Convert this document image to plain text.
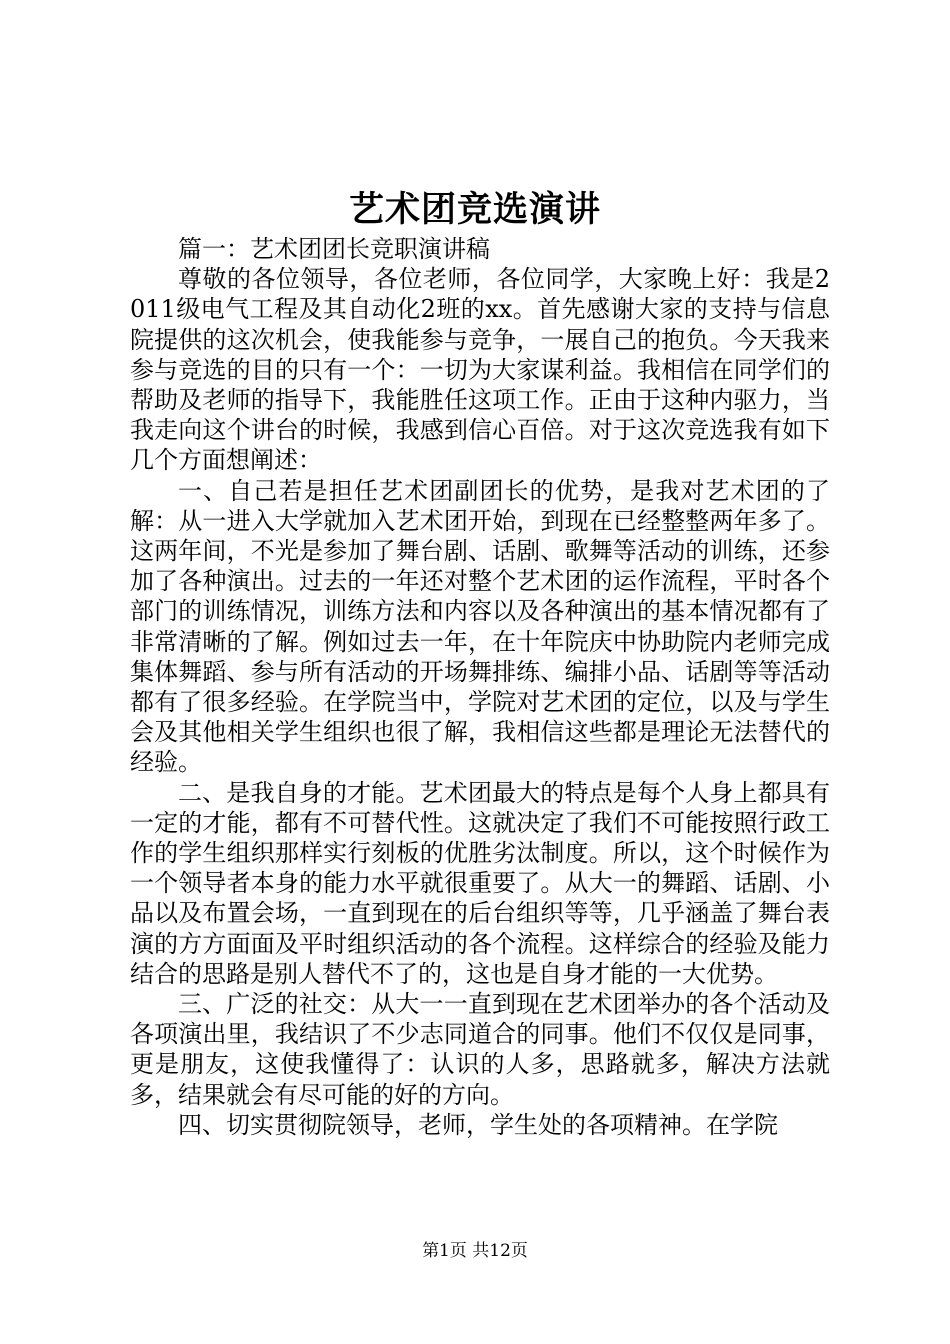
艺术团竞选演讲

篇一：艺术团团长竞职演讲稿

尊敬的各位领导，各位老师，各位同学，大家晚上好：我是2011级电气工程及其自动化2班的xx。首先感谢大家的支持与信息院提供的这次机会，使我能参与竞争，一展自己的抱负。今天我来参与竞选的目的只有一个：一切为大家谋利益。我相信在同学们的帮助及老师的指导下，我能胜任这项工作。正由于这种内驱力，当我走向这个讲台的时候，我感到信心百倍。对于这次竞选我有如下几个方面想阐述：

一、自己若是担任艺术团副团长的优势，是我对艺术团的了解：从一进入大学就加入艺术团开始，到现在已经整整两年多了。这两年间，不光是参加了舞台剧、话剧、歌舞等活动的训练，还参加了各种演出。过去的一年还对整个艺术团的运作流程，平时各个部门的训练情况，训练方法和内容以及各种演出的基本情况都有了非常清晰的了解。例如过去一年，在十年院庆中协助院内老师完成集体舞蹈、参与所有活动的开场舞排练、编排小品、话剧等等活动都有了很多经验。在学院当中，学院对艺术团的定位，以及与学生会及其他相关学生组织也很了解，我相信这些都是理论无法替代的经验。

二、是我自身的才能。艺术团最大的特点是每个人身上都具有一定的才能，都有不可替代性。这就决定了我们不可能按照行政工作的学生组织那样实行刻板的优胜劣汰制度。所以，这个时候作为一个领导者本身的能力水平就很重要了。从大一的舞蹈、话剧、小品以及布置会场，一直到现在的后台组织等等，几乎涵盖了舞台表演的方方面面及平时组织活动的各个流程。这样综合的经验及能力结合的思路是别人替代不了的，这也是自身才能的一大优势。

三、广泛的社交：从大一一直到现在艺术团举办的各个活动及各项演出里，我结识了不少志同道合的同事。他们不仅仅是同事，更是朋友，这使我懂得了：认识的人多，思路就多，解决方法就多，结果就会有尽可能的好的方向。

四、切实贯彻院领导，老师，学生处的各项精神。在学院

第1页 共12页
